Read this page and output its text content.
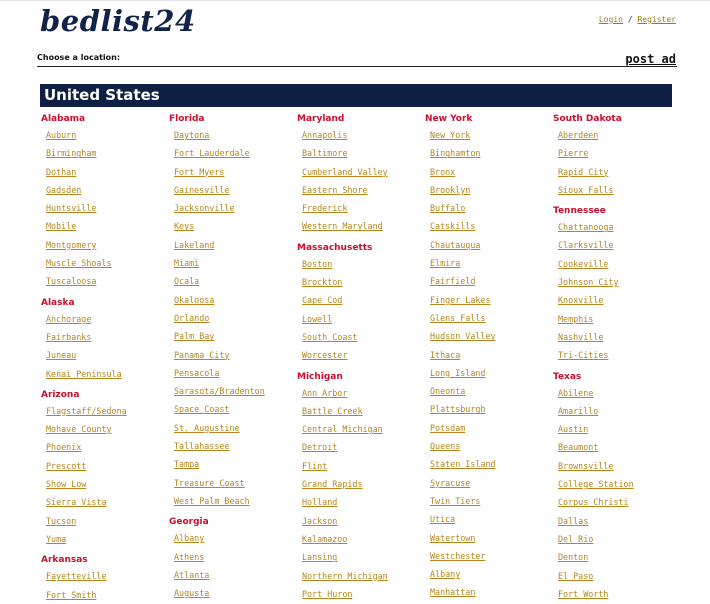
bedlist24	Login / Register
Choose a location:	post ad
United States
Alabama
Auburn
Birmingham
Dothan
Gadsden
Huntsville
Mobile
Montgomery
Muscle Shoals
Tuscaloosa
Alaska
Anchorage
Fairbanks
Juneau
Kenai Peninsula
Arizona
Flagstaff/Sedona
Mohave County
Phoenix
Prescott
Show Low
Sierra Vista
Tucson
Yuma
Arkansas
Fayetteville
Fort Smith
Florida
Daytona
Fort Lauderdale
Fort Myers
Gainesville
Jacksonville
Keys
Lakeland
Miami
Ocala
Okaloosa
Orlando
Palm Bay
Panama City
Pensacola
Sarasota/Bradenton
Space Coast
St. Augustine
Tallahassee
Tampa
Treasure Coast
West Palm Beach
Georgia
Albany
Athens
Atlanta
Augusta
Maryland
Annapolis
Baltimore
Cumberland Valley
Eastern Shore
Frederick
Western Maryland
Massachusetts
Boston
Brockton
Cape Cod
Lowell
South Coast
Worcester
Michigan
Ann Arbor
Battle Creek
Central Michigan
Detroit
Flint
Grand Rapids
Holland
Jackson
Kalamazoo
Lansing
Northern Michigan
Port Huron
New York
New York
Binghamton
Bronx
Brooklyn
Buffalo
Catskills
Chautauqua
Elmira
Fairfield
Finger Lakes
Glens Falls
Hudson Valley
Ithaca
Long Island
Oneonta
Plattsburgh
Potsdam
Queens
Staten Island
Syracuse
Twin Tiers
Utica
Watertown
Westchester
Albany
Manhattan
South Dakota
Aberdeen
Pierre
Rapid City
Sioux Falls
Tennessee
Chattanooga
Clarksville
Cookeville
Johnson City
Knoxville
Memphis
Nashville
Tri-Cities
Texas
Abilene
Amarillo
Austin
Beaumont
Brownsville
College Station
Corpus Christi
Dallas
Del Rio
Denton
El Paso
Fort Worth
